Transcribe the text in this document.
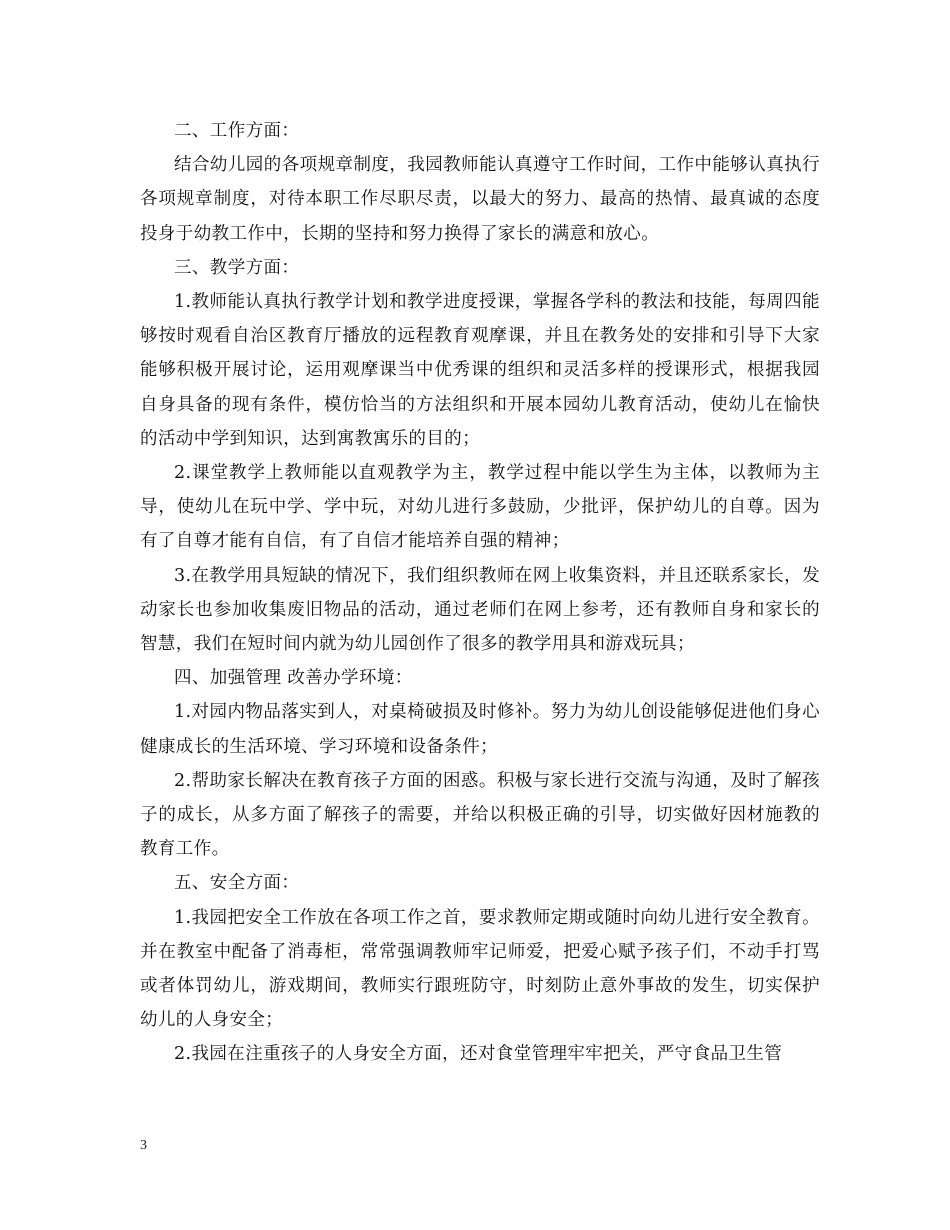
二、工作方面：

结合幼儿园的各项规章制度，我园教师能认真遵守工作时间，工作中能够认真执行各项规章制度，对待本职工作尽职尽责，以最大的努力、最高的热情、最真诚的态度投身于幼教工作中，长期的坚持和努力换得了家长的满意和放心。

三、教学方面：

1.教师能认真执行教学计划和教学进度授课，掌握各学科的教法和技能，每周四能够按时观看自治区教育厅播放的远程教育观摩课，并且在教务处的安排和引导下大家能够积极开展讨论，运用观摩课当中优秀课的组织和灵活多样的授课形式，根据我园自身具备的现有条件，模仿恰当的方法组织和开展本园幼儿教育活动，使幼儿在愉快的活动中学到知识，达到寓教寓乐的目的；

2.课堂教学上教师能以直观教学为主，教学过程中能以学生为主体，以教师为主导，使幼儿在玩中学、学中玩，对幼儿进行多鼓励，少批评，保护幼儿的自尊。因为有了自尊才能有自信，有了自信才能培养自强的精神；

3.在教学用具短缺的情况下，我们组织教师在网上收集资料，并且还联系家长，发动家长也参加收集废旧物品的活动，通过老师们在网上参考，还有教师自身和家长的智慧，我们在短时间内就为幼儿园创作了很多的教学用具和游戏玩具；

四、加强管理 改善办学环境：

1.对园内物品落实到人，对桌椅破损及时修补。努力为幼儿创设能够促进他们身心健康成长的生活环境、学习环境和设备条件；

2.帮助家长解决在教育孩子方面的困惑。积极与家长进行交流与沟通，及时了解孩子的成长，从多方面了解孩子的需要，并给以积极正确的引导，切实做好因材施教的教育工作。

五、安全方面：

1.我园把安全工作放在各项工作之首，要求教师定期或随时向幼儿进行安全教育。并在教室中配备了消毒柜，常常强调教师牢记师爱，把爱心赋予孩子们，不动手打骂或者体罚幼儿，游戏期间，教师实行跟班防守，时刻防止意外事故的发生，切实保护幼儿的人身安全；

2.我园在注重孩子的人身安全方面，还对食堂管理牢牢把关，严守食品卫生管

3
